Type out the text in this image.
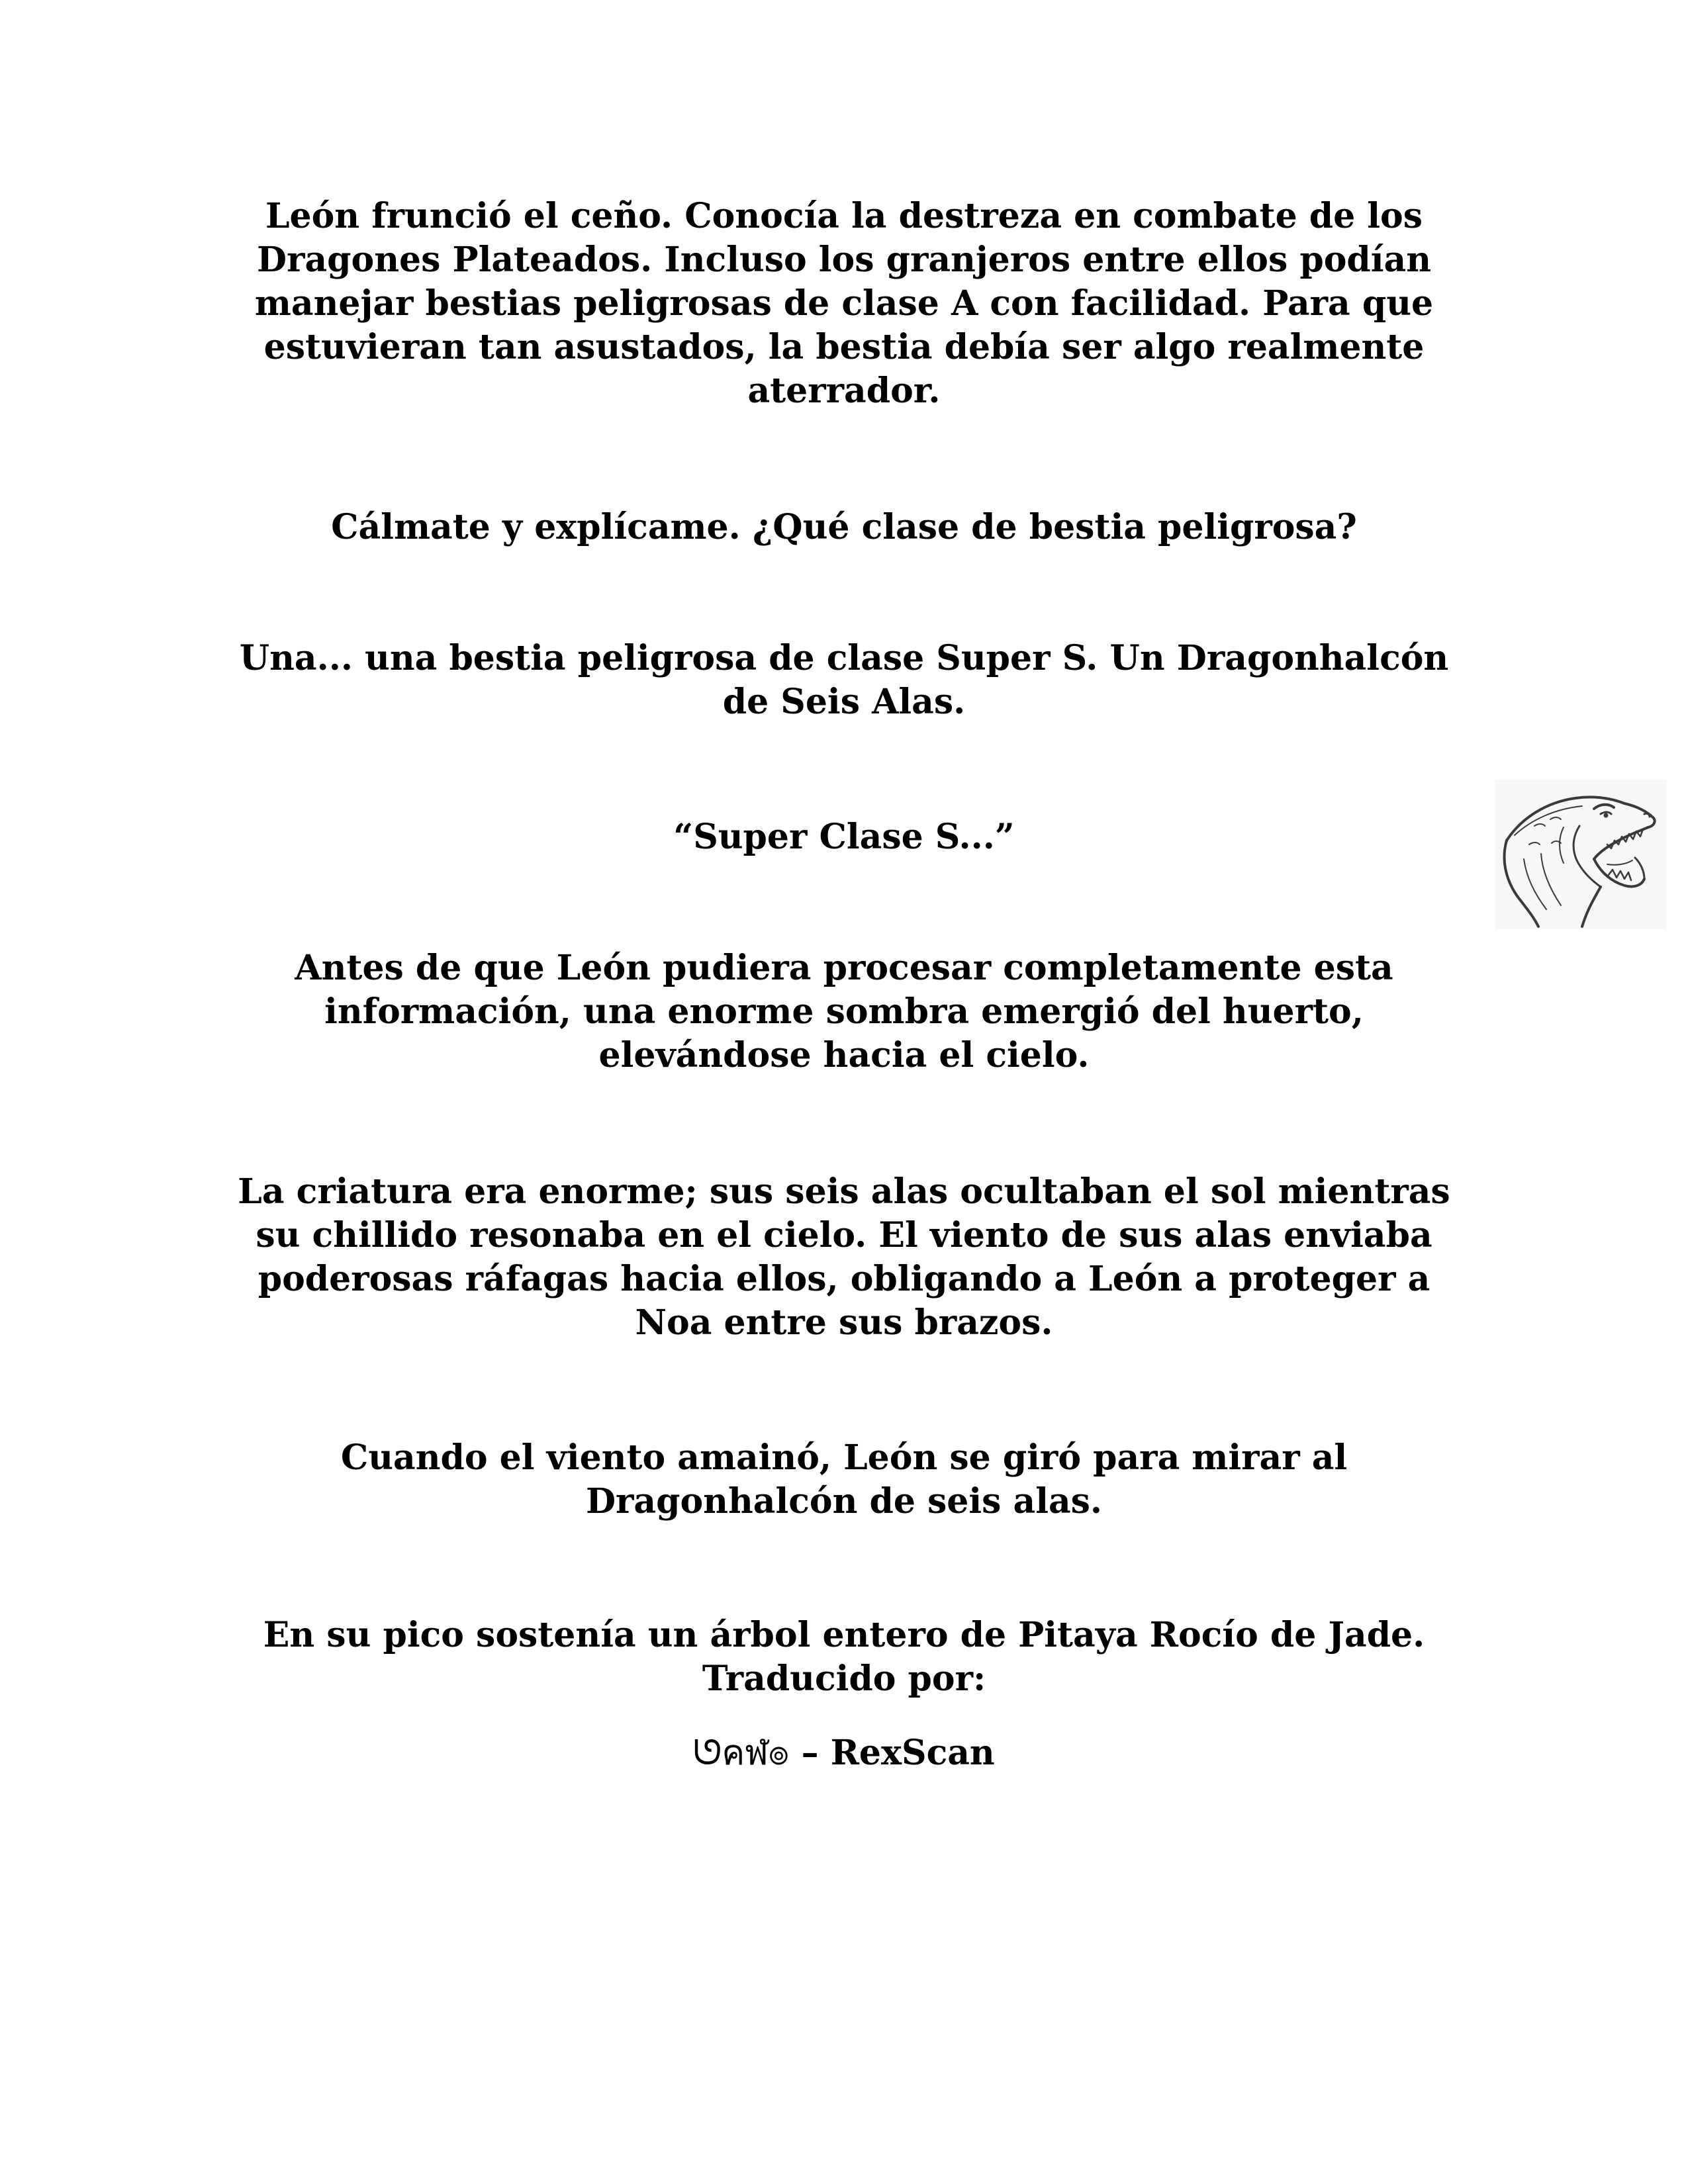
León frunció el ceño. Conocía la destreza en combate de los Dragones Plateados. Incluso los granjeros entre ellos podían manejar bestias peligrosas de clase A con facilidad. Para que estuvieran tan asustados, la bestia debía ser algo realmente aterrador.

Cálmate y explícame. ¿Qué clase de bestia peligrosa?

Una... una bestia peligrosa de clase Super S. Un Dragonhalcón de Seis Alas.

“Super Clase S...”

Antes de que León pudiera procesar completamente esta información, una enorme sombra emergió del huerto, elevándose hacia el cielo.

La criatura era enorme; sus seis alas ocultaban el sol mientras su chillido resonaba en el cielo. El viento de sus alas enviaba poderosas ráfagas hacia ellos, obligando a León a proteger a Noa entre sus brazos.

Cuando el viento amainó, León se giró para mirar al Dragonhalcón de seis alas.

En su pico sostenía un árbol entero de Pitaya Rocío de Jade.

Traducido por:

ᘎคฬ๏ – RexScan
